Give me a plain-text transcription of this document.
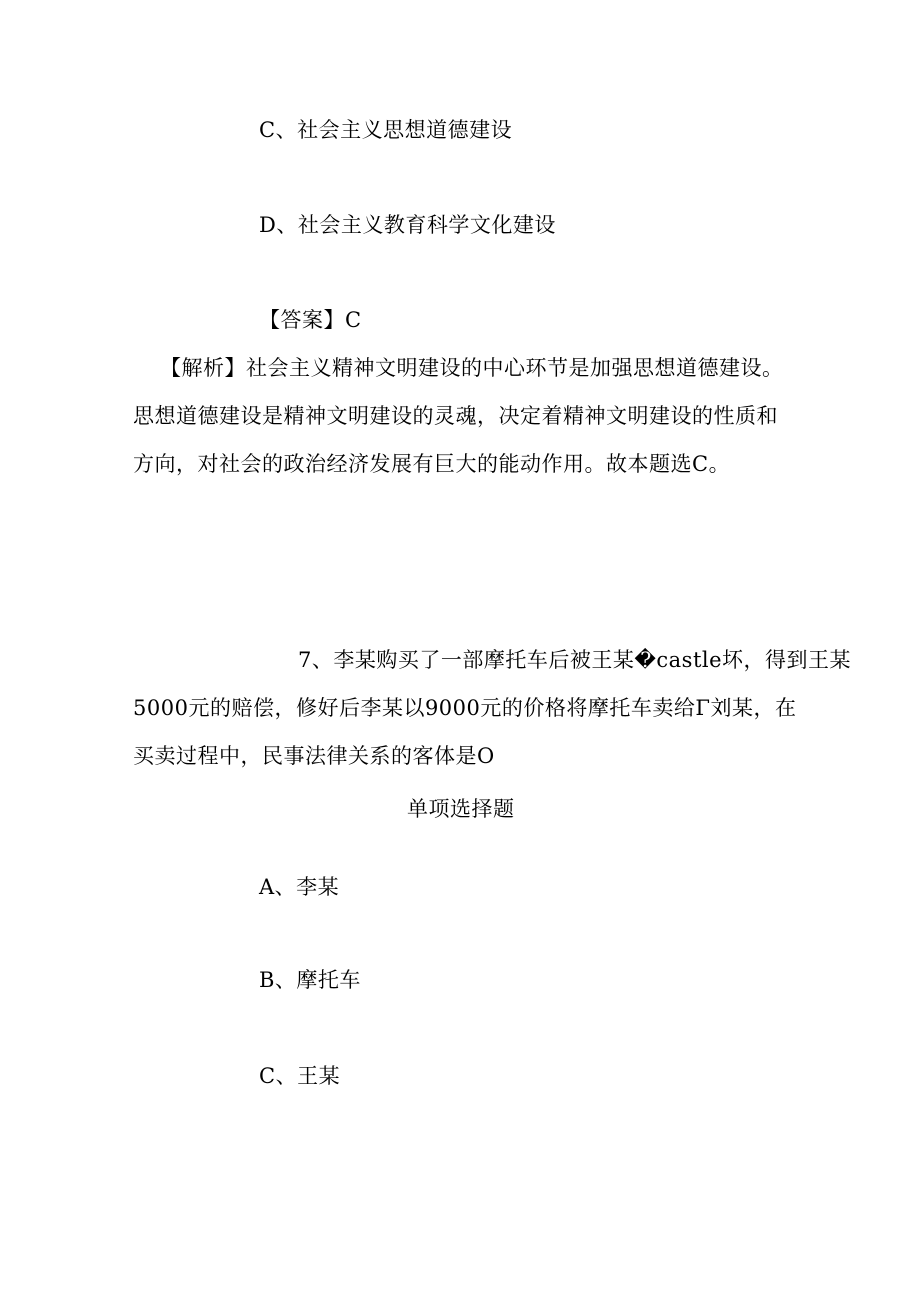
C、社会主义思想道德建设
D、社会主义教育科学文化建设
【答案】C
【解析】社会主义精神文明建设的中心环节是加强思想道德建设。
思想道德建设是精神文明建设的灵魂，决定着精神文明建设的性质和
方向，对社会的政治经济发展有巨大的能动作用。故本题选C。
7、李某购买了一部摩托车后被王某�castle坏，得到王某
5000元的赔偿，修好后李某以9000元的价格将摩托车卖给Γ刘某，在
买卖过程中，民事法律关系的客体是O
单项选择题
A、李某
B、摩托车
C、王某
